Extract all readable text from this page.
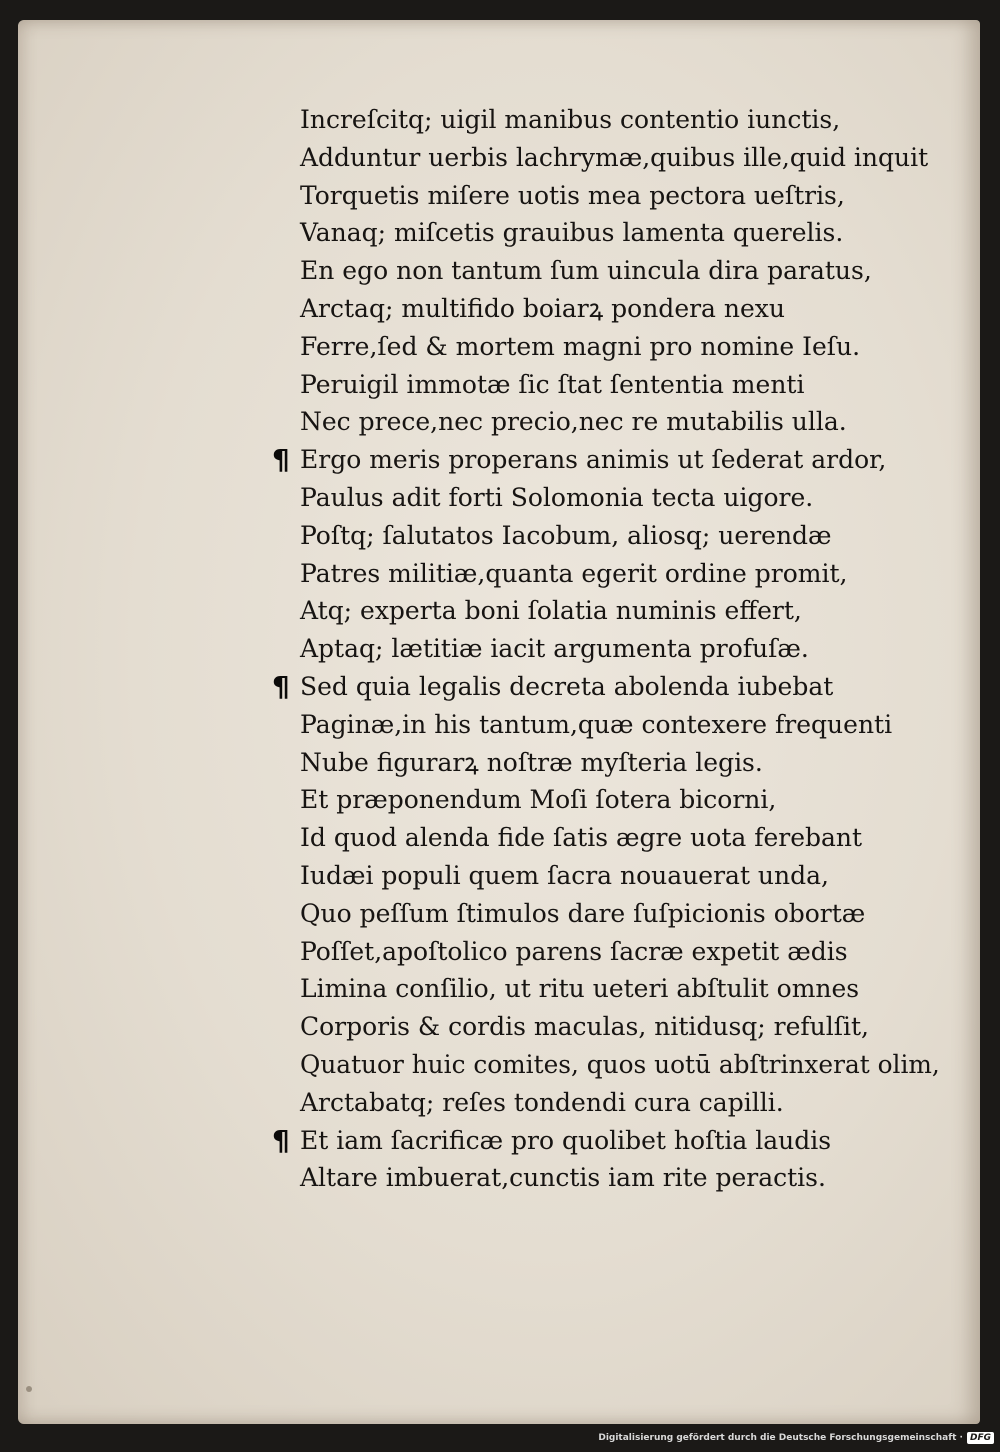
Increſcitq; uigil manibus contentio iunctis,
Adduntur uerbis lachrymæ,quibus ille,quid inquit
Torquetis miſere uotis mea pectora ueſtris,
Vanaq; miſcetis grauibus lamenta querelis.
En ego non tantum ſum uincula dira paratus,
Arctaq; multifido boiarꝝ pondera nexu
Ferre,ſed & mortem magni pro nomine Ieſu.
Peruigil immotæ ſic ſtat ſententia menti
Nec prece,nec precio,nec re mutabilis ulla.
¶ Ergo meris properans animis ut ſederat ardor,
Paulus adit forti Solomonia tecta uigore.
Poſtq; ſalutatos Iacobum, aliosq; uerendæ
Patres militiæ,quanta egerit ordine promit,
Atq; experta boni ſolatia numinis effert,
Aptaq; lætitiæ iacit argumenta profuſæ.
¶ Sed quia legalis decreta abolenda iubebat
Paginæ,in his tantum,quæ contexere frequenti
Nube figurarꝝ noſtræ myſteria legis.
Et præponendum Moſi ſotera bicorni,
Id quod alenda fide ſatis ægre uota ferebant
Iudæi populi quem ſacra nouauerat unda,
Quo peſſum ſtimulos dare ſuſpicionis obortæ
Poſſet,apoſtolico parens ſacræ expetit ædis
Limina conſilio, ut ritu ueteri abſtulit omnes
Corporis & cordis maculas, nitidusq; refulſit,
Quatuor huic comites, quos uotū abſtrinxerat olim,
Arctabatq; reſes tondendi cura capilli.
¶ Et iam ſacrificæ pro quolibet hoſtia laudis
Altare imbuerat,cunctis iam rite peractis.
Digitalisierung gefördert durch die Deutsche Forschungsgemeinschaft · DFG
